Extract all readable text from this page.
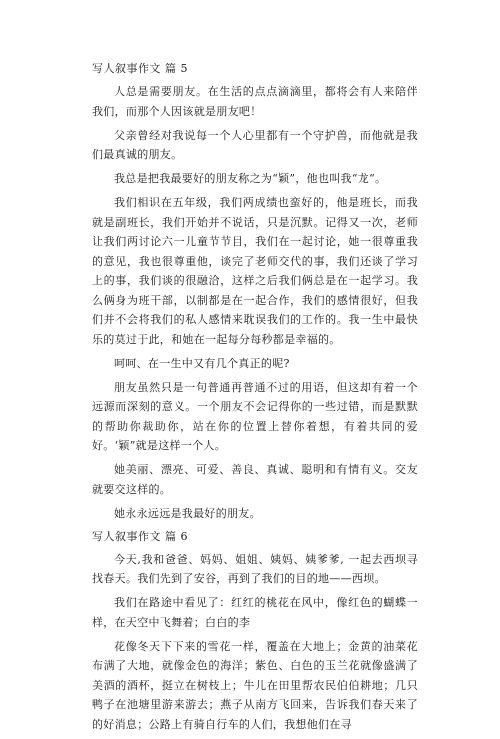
写人叙事作文 篇 5

人总是需要朋友。在生活的点点滴滴里，都将会有人来陪伴我们，而那个人因该就是朋友吧！

父亲曾经对我说每一个人心里都有一个守护兽，而他就是我们最真诚的朋友。

我总是把我最要好的朋友称之为“颖”，他也叫我“龙“。

我们相识在五年级，我们两成绩也蛮好的，他是班长，而我就是副班长，我们开始并不说话，只是沉默。记得又一次，老师让我们两讨论六一儿童节节目，我们在一起讨论，她一很尊重我的意见，我也很尊重他，谈完了老师交代的事，我们还谈了学习上的事，我们谈的很融洽，这样之后我们俩总是在一起学习。我么俩身为班干部，以制都是在一起合作，我们的感情很好，但我们并不会将我们的私人感情来耽误我们的工作的。我一生中最快乐的莫过于此，和她在一起每分每秒都是幸福的。

呵呵、在一生中又有几个真正的呢?

朋友虽然只是一句普通再普通不过的用语，但这却有着一个远源而深刻的意义。一个朋友不会记得你的一些过错，而是默默的帮助你裁助你，站在你的位置上替你着想，有着共同的爱好。‘颖”就是这样一个人。

她美丽、漂亮、可爱、善良、真诚、聪明和有情有义。交友就要交这样的。

她永永远远是我最好的朋友。

写人叙事作文 篇 6

今天,我和爸爸、妈妈、姐姐、姨妈、姨爹爹, 一起去西坝寻找春天。我们先到了安谷，再到了我们的目的地——西坝。

我们在路途中看见了：红红的桃花在风中，像红色的蝴蝶一样，在天空中飞舞着；白白的李

花像冬天下下来的雪花一样，覆盖在大地上；金黄的油菜花布满了大地，就像金色的海洋；紫色、白色的玉兰花就像盛满了美酒的酒杯，挺立在树枝上；牛儿在田里帮农民伯伯耕地；几只鸭子在池塘里游来游去；燕子从南方飞回来，告诉我们春天来了的好消息；公路上有骑自行车的人们，我想他们在寻
